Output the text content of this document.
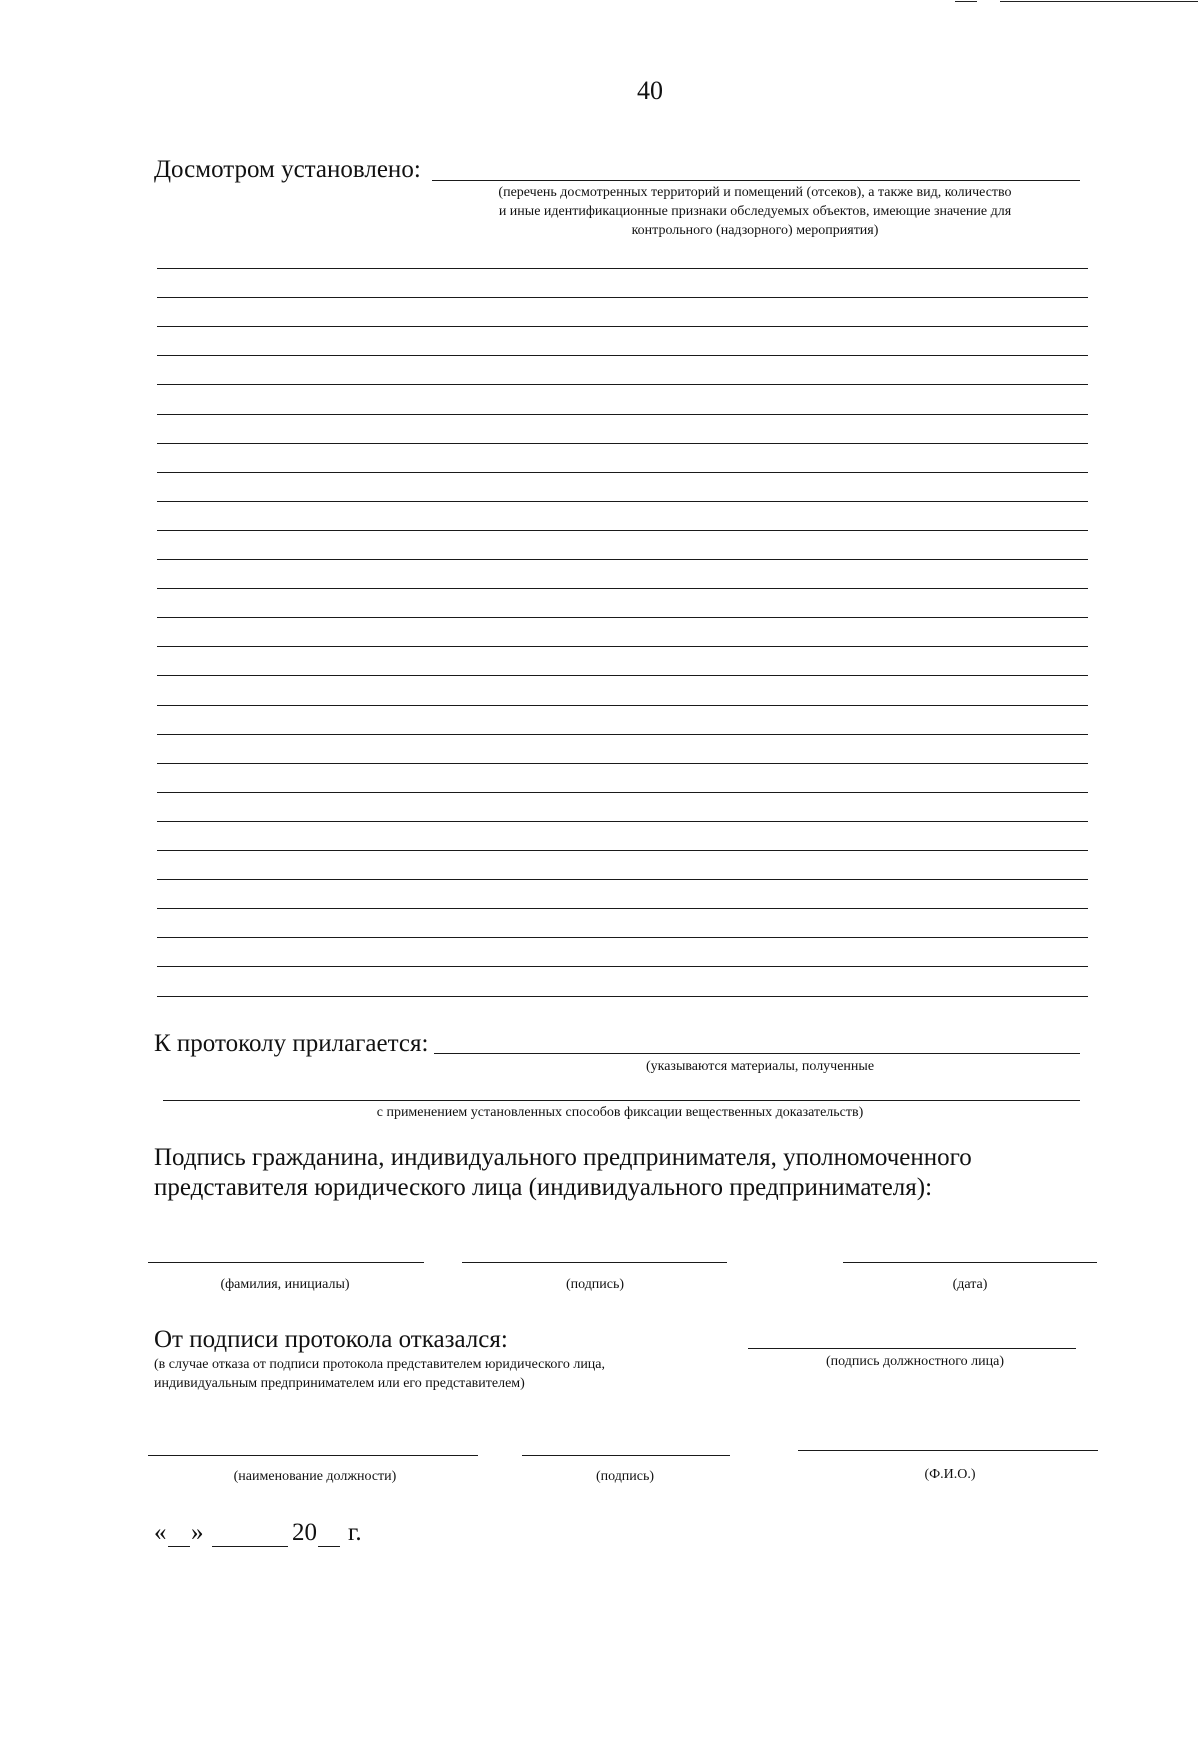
40
Досмотром установлено:
(перечень досмотренных территорий и помещений (отсеков), а также вид, количество
и иные идентификационные признаки обследуемых объектов, имеющие значение для
контрольного (надзорного) мероприятия)
К протоколу прилагается:
(указываются материалы, полученные
с применением установленных способов фиксации вещественных доказательств)
Подпись гражданина, индивидуального предпринимателя, уполномоченного
представителя юридического лица (индивидуального предпринимателя):
(фамилия, инициалы)	(подпись)	(дата)
От подписи протокола отказался:
(в случае отказа от подписи протокола представителем юридического лица,
индивидуальным предпринимателем или его представителем)
(подпись должностного лица)
(наименование должности)	(подпись)	(Ф.И.О.)
« »	20 г.
